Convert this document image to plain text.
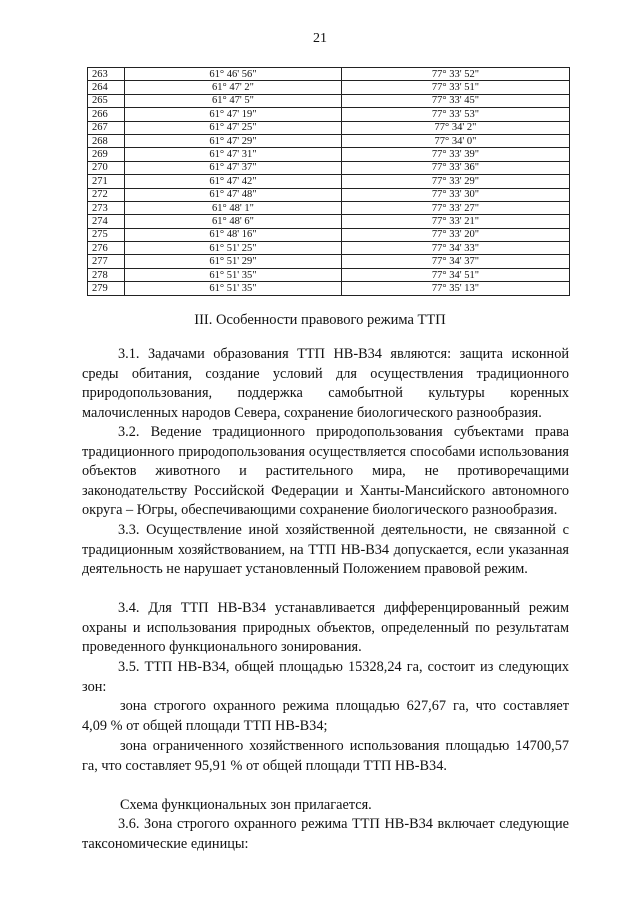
21
263	61° 46' 56"	77° 33' 52"
264	61° 47' 2"	77° 33' 51"
265	61° 47' 5"	77° 33' 45"
266	61° 47' 19"	77° 33' 53"
267	61° 47' 25"	77° 34' 2"
268	61° 47' 29"	77° 34' 0"
269	61° 47' 31"	77° 33' 39"
270	61° 47' 37"	77° 33' 36"
271	61° 47' 42"	77° 33' 29"
272	61° 47' 48"	77° 33' 30"
273	61° 48' 1"	77° 33' 27"
274	61° 48' 6"	77° 33' 21"
275	61° 48' 16"	77° 33' 20"
276	61° 51' 25"	77° 34' 33"
277	61° 51' 29"	77° 34' 37"
278	61° 51' 35"	77° 34' 51"
279	61° 51' 35"	77° 35' 13"
III. Особенности правового режима ТТП

3.1. Задачами образования ТТП НВ-В34 являются: защита исконной среды обитания, создание условий для осуществления традиционного природопользования, поддержка самобытной культуры коренных малочисленных народов Севера, сохранение биологического разнообразия.

3.2. Ведение традиционного природопользования субъектами права традиционного природопользования осуществляется способами использования объектов животного и растительного мира, не противоречащими законодательству Российской Федерации и Ханты-Мансийского автономного округа – Югры, обеспечивающими сохранение биологического разнообразия.

3.3. Осуществление иной хозяйственной деятельности, не связанной с традиционным хозяйствованием, на ТТП НВ-В34 допускается, если указанная деятельность не нарушает установленный Положением правовой режим.

3.4. Для ТТП НВ-В34 устанавливается дифференцированный режим охраны и использования природных объектов, определенный по результатам проведенного функционального зонирования.

3.5. ТТП НВ-В34, общей площадью 15328,24 га, состоит из следующих зон:

зона строгого охранного режима площадью 627,67 га, что составляет 4,09 % от общей площади ТТП НВ-В34;

зона ограниченного хозяйственного использования площадью 14700,57 га, что составляет 95,91 % от общей площади ТТП НВ-В34.

Схема функциональных зон прилагается.

3.6. Зона строгого охранного режима ТТП НВ-В34 включает следующие таксономические единицы:
